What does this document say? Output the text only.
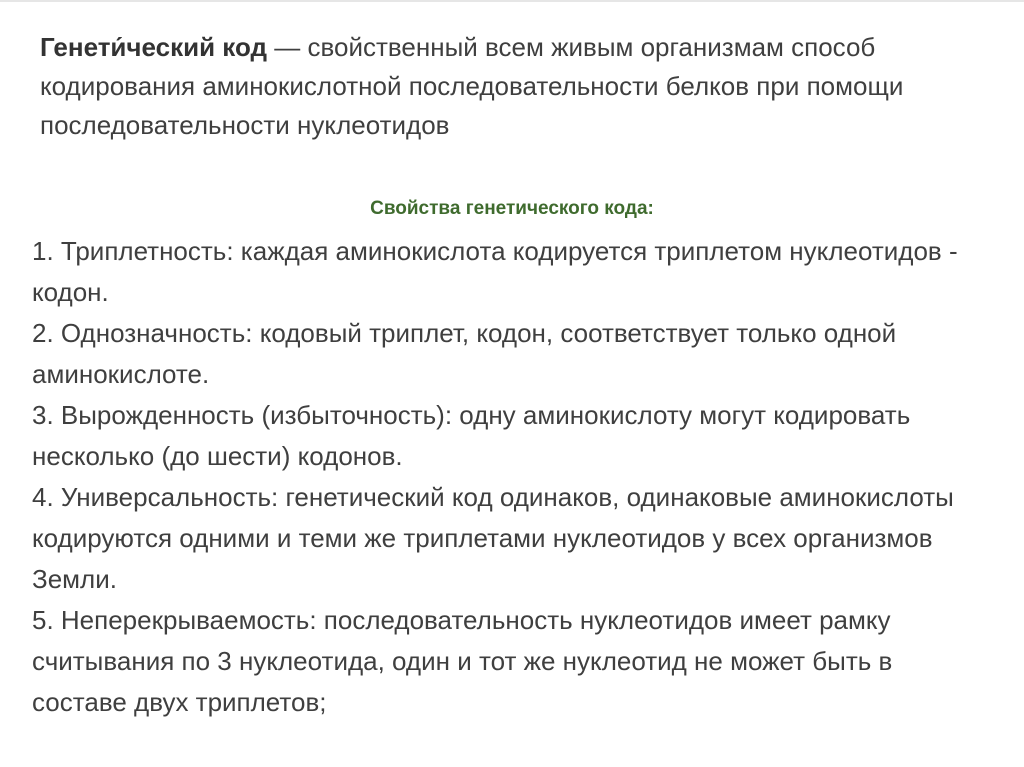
Генети́ческий код — свойственный всем живым организмам способ кодирования аминокислотной последовательности белков при помощи последовательности нуклеотидов

Свойства генетического кода:
1. Триплетность: каждая аминокислота кодируется триплетом нуклеотидов - кодон.
2. Однозначность: кодовый триплет, кодон, соответствует только одной аминокислоте.
3. Вырожденность (избыточность): одну аминокислоту могут кодировать несколько (до шести) кодонов.
4. Универсальность: генетический код одинаков, одинаковые аминокислоты кодируются одними и теми же триплетами нуклеотидов у всех организмов Земли.
5. Неперекрываемость: последовательность нуклеотидов имеет рамку считывания по 3 нуклеотида, один и тот же нуклеотид не может быть в составе двух триплетов;
